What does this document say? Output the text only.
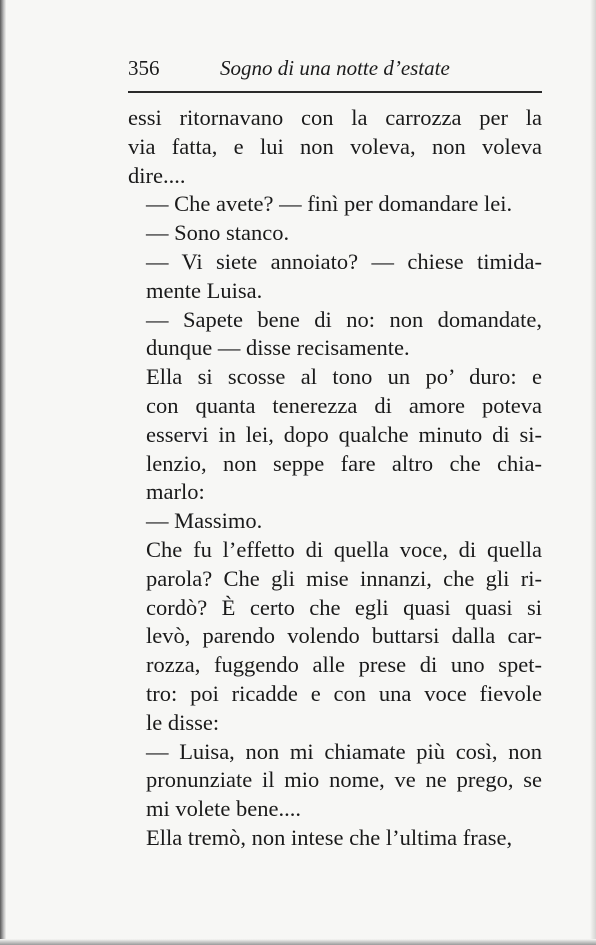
356	Sogno di una notte d’estate

essi ritornavano con la carrozza per la
via fatta, e lui non voleva, non voleva
dire....

— Che avete? — finì per domandare lei.

— Sono stanco.

— Vi siete annoiato? — chiese timida-
mente Luisa.

— Sapete bene di no: non domandate,
dunque — disse recisamente.

Ella si scosse al tono un po’ duro: e
con quanta tenerezza di amore poteva
esservi in lei, dopo qualche minuto di si-
lenzio, non seppe fare altro che chia-
marlo:

— Massimo.

Che fu l’effetto di quella voce, di quella
parola? Che gli mise innanzi, che gli ri-
cordò? È certo che egli quasi quasi si
levò, parendo volendo buttarsi dalla car-
rozza, fuggendo alle prese di uno spet-
tro: poi ricadde e con una voce fievole
le disse:

— Luisa, non mi chiamate più così, non
pronunziate il mio nome, ve ne prego, se
mi volete bene....

Ella tremò, non intese che l’ultima frase,
